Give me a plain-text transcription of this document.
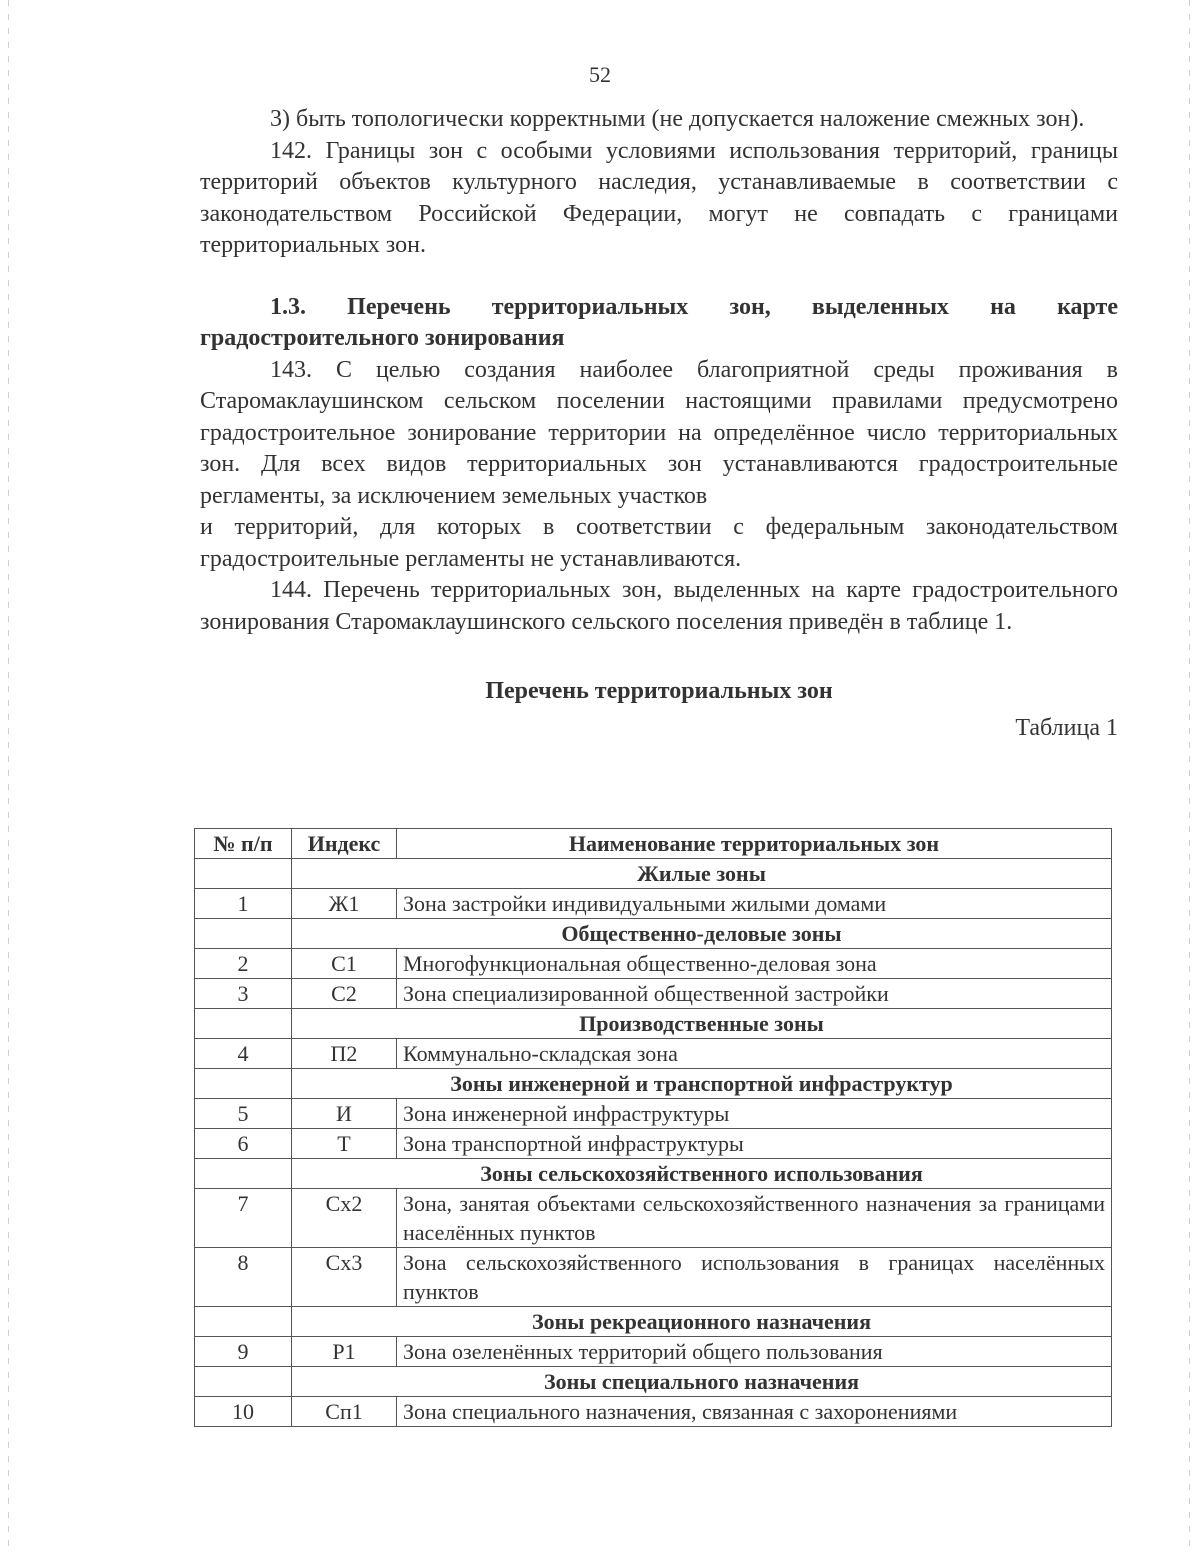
52

3) быть топологически корректными (не допускается наложение смежных зон).

142. Границы зон с особыми условиями использования территорий, границы территорий объектов культурного наследия, устанавливаемые в соответствии с законодательством Российской Федерации, могут не совпадать с границами территориальных зон.

1.3. Перечень территориальных зон, выделенных на карте градостроительного зонирования

143. С целью создания наиболее благоприятной среды проживания в Старомаклаушинском сельском поселении настоящими правилами предусмотрено градостроительное зонирование территории на определённое число территориальных зон. Для всех видов территориальных зон устанавливаются градостроительные регламенты, за исключением земельных участков

и территорий, для которых в соответствии с федеральным законодательством градостроительные регламенты не устанавливаются.

144. Перечень территориальных зон, выделенных на карте градостроительного зонирования Старомаклаушинского сельского поселения приведён в таблице 1.

Перечень территориальных зон
Таблица 1
№ п/п	Индекс	Наименование территориальных зон
	Жилые зоны	
1	Ж1	Зона застройки индивидуальными жилыми домами
	Общественно-деловые зоны	
2	С1	Многофункциональная общественно-деловая зона
3	С2	Зона специализированной общественной застройки
	Производственные зоны	
4	П2	Коммунально-складская зона
	Зоны инженерной и транспортной инфраструктур	
5	И	Зона инженерной инфраструктуры
6	Т	Зона транспортной инфраструктуры
	Зоны сельскохозяйственного использования	
7	Сх2	Зона, занятая объектами сельскохозяйственного назначения за границами населённых пунктов
8	Сх3	Зона сельскохозяйственного использования в границах населённых пунктов
	Зоны рекреационного назначения	
9	Р1	Зона озеленённых территорий общего пользования
	Зоны специального назначения	
10	Сп1	Зона специального назначения, связанная с захоронениями
